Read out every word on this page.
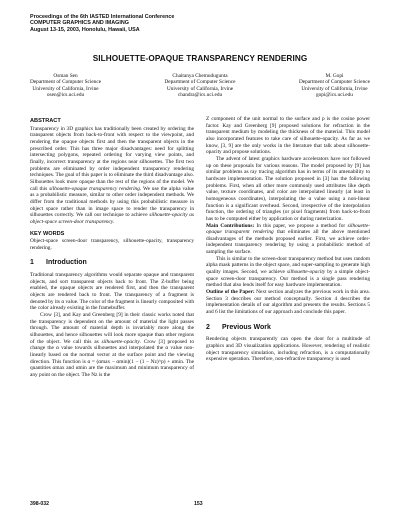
Proceedings of the 6th IASTED International Conference
COMPUTER GRAPHICS AND IMAGING
August 13-15, 2003, Honolulu, Hawaii, USA
SILHOUETTE-OPAQUE TRANSPARENCY RENDERING
Osman Sen
Department of Computer Science
University of California, Irvine
osen@ics.uci.edu
Chaitanya Chemudugunta
Department of Computer Science
University of California, Irvine
chandra@ics.uci.edu
M. Gopi
Department of Computer Science
University of California, Irvine
gopi@ics.uci.edu
ABSTRACT

Transparency in 3D graphics has traditionally been created by ordering the transparent objects from back-to-front with respect to the viewpoint, and rendering the opaque objects first and then the transparent objects in the prescribed order. This has three major disadvantages: need for splitting intersecting polygons, repeated ordering for varying view points, and finally, incorrect transparency at the regions near silhouettes. The first two problems are eliminated by order independent transparency rendering techniques. The goal of this paper is to eliminate the third disadvantage also. Silhouettes look more opaque than the rest of the regions of the model. We call this silhouette-opaque transparency rendering. We use the alpha value as a probabilistic measure, similar to other order independent methods. We differ from the traditional methods by using this probabilistic measure in object space rather than in image space to render the transparency in silhouettes correctly. We call our technique to achieve silhouette-opacity as object-space screen-door transparency.

KEY WORDS

Object-space screen-door transparency, silhouette-opacity, transparency rendering.

1 Introduction

Traditional transparency algorithms would separate opaque and transparent objects, and sort transparent objects back to front. The Z-buffer being enabled, the opaque objects are rendered first, and then the transparent objects are rendered back to front. The transparency of a fragment is denoted by its α value. The color of the fragment is linearly composited with the color already existing in the framebuffer.

Crow [3], and Kay and Greenberg [9] in their classic works noted that the transparency is dependent on the amount of material the light passes through. The amount of material depth is invariably more along the silhouettes, and hence silhouettes will look more opaque than other regions of the object. We call this as silhouette-opacity. Crow [3] proposed to change the α value towards silhouettes and interpolated the α value non-linearly based on the normal vector at the surface point and the viewing direction. This function is α = (αmax − αmin)(1 − (1 − Nz)^p) + αmin. The quantities αmax and αmin are the maximum and minimum transparency of any point on the object. The Nz is the

Z component of the unit normal to the surface and p is the cosine power factor. Kay and Greenberg [9] proposed solutions for refraction in the transparent medium by modeling the thickness of the material. This model also incorporated features to take care of silhouette-opacity. As far as we know, [3, 9] are the only works in the literature that talk about silhouette-opacity and propose solutions.

The advent of latest graphics hardware accelerators have not followed up on these proposals for various reasons. The model proposed by [9] has similar problems as ray tracing algorithm has in terms of its amenability to hardware implementation. The solution proposed in [3] has the following problems. First, when all other more commonly used attributes like depth value, texture coordinates, and color are interpolated linearly (at least in homogeneous coordinates), interpolating the α value using a non-linear function is a significant overhead. Second, irrespective of the interpolation function, the ordering of triangles (or pixel fragments) from back-to-front has to be computed either by application or during rasterization.

Main Contributions: In this paper, we propose a method for silhouette-opaque transparent rendering that eliminates all the above mentioned disadvantages of the methods proposed earlier. First, we achieve order-independent transparency rendering by using a probabilistic method of sampling the surface.

This is similar to the screen-door transparency method but uses random alpha mask patterns in the object space, and super-sampling to generate high quality images. Second, we achieve silhouette-opacity by a simple object-space screen-door transparency. Our method is a single pass rendering method that also lends itself for easy hardware implementation.

Outline of the Paper: Next section analyzes the previous work in this area. Section 3 describes our method conceptually. Section 4 describes the implementation details of our algorithm and presents the results. Sections 5 and 6 list the limitations of our approach and conclude this paper.

2 Previous Work

Rendering objects transparently can open the door for a multitude of graphics and 3D visualization applications. However, rendering of realistic object transparency simulation, including refraction, is a computationally expensive operation. Therefore, non-refractive transparency is used

398-032	153
